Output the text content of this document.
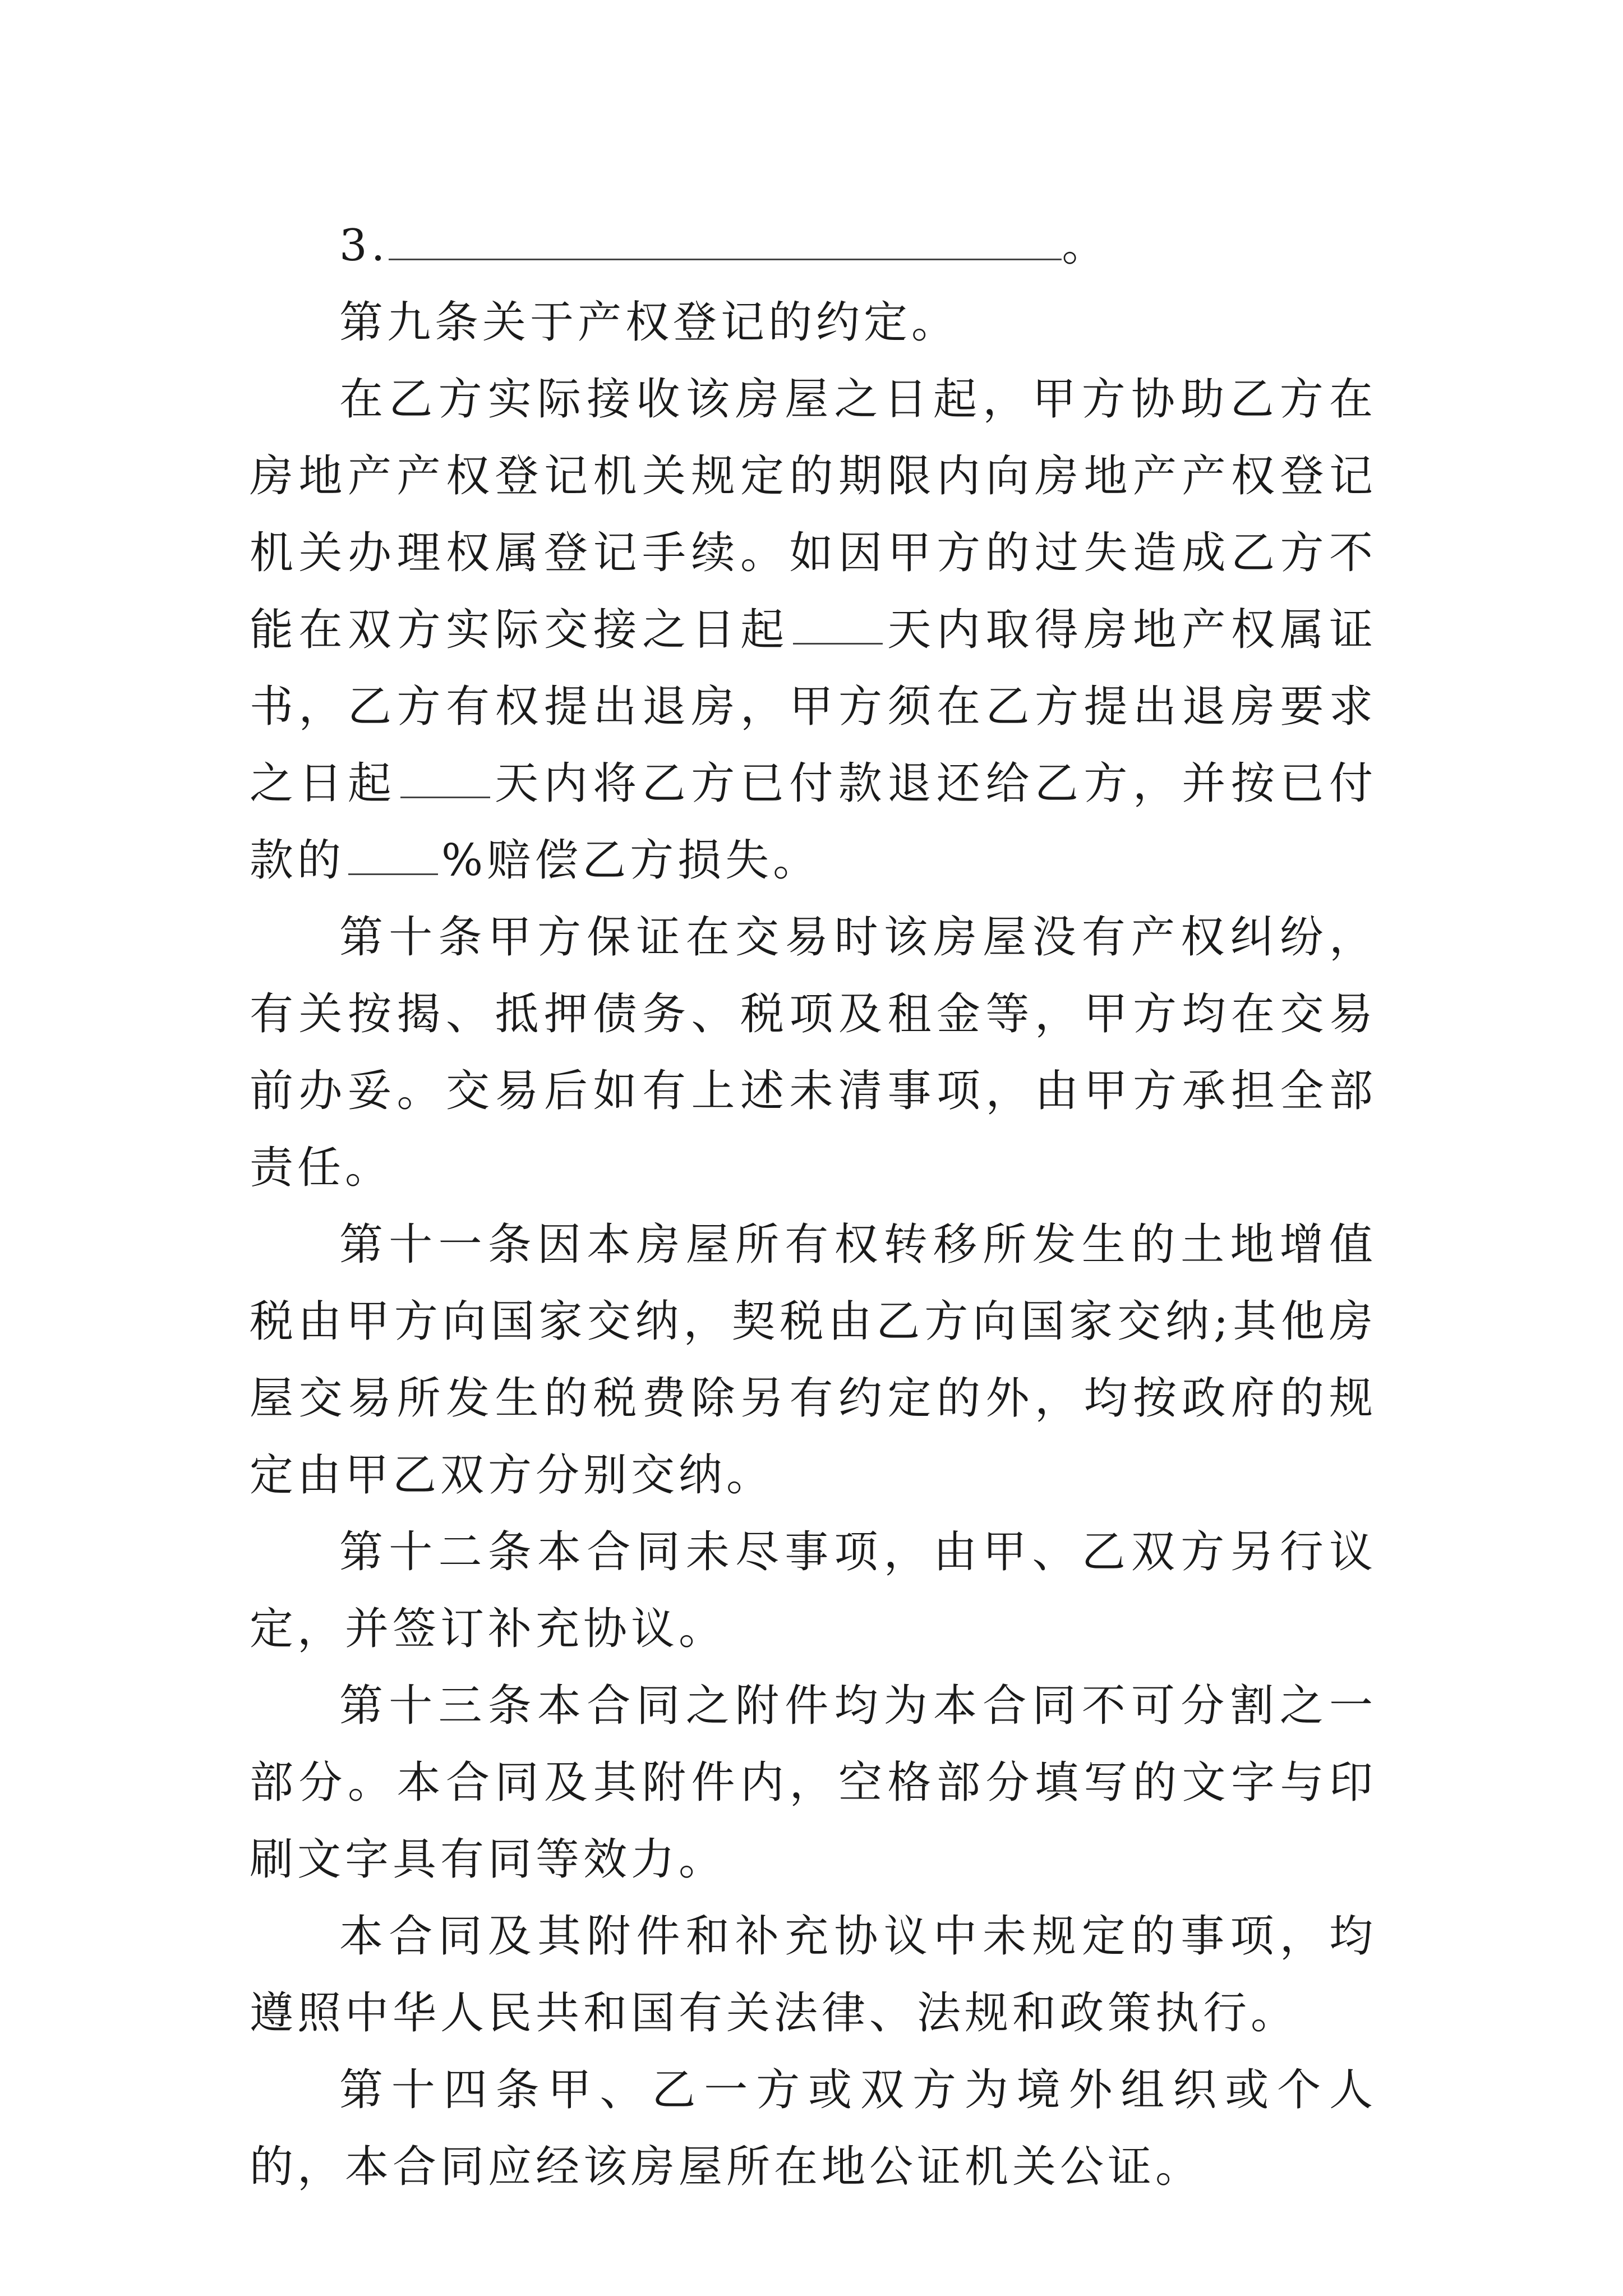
3.	。

第九条关于产权登记的约定。

在乙方实际接收该房屋之日起，甲方协助乙方在房地产产权登记机关规定的期限内向房地产产权登记机关办理权属登记手续。如因甲方的过失造成乙方不能在双方实际交接之日起 天内取得房地产权属证书，乙方有权提出退房，甲方须在乙方提出退房要求之日起 天内将乙方已付款退还给乙方，并按已付款的 %赔偿乙方损失。

第十条甲方保证在交易时该房屋没有产权纠纷，有关按揭、抵押债务、税项及租金等，甲方均在交易前办妥。交易后如有上述未清事项，由甲方承担全部责任。

第十一条因本房屋所有权转移所发生的土地增值税由甲方向国家交纳，契税由乙方向国家交纳;其他房屋交易所发生的税费除另有约定的外，均按政府的规定由甲乙双方分别交纳。

第十二条本合同未尽事项，由甲、乙双方另行议定，并签订补充协议。

第十三条本合同之附件均为本合同不可分割之一部分。本合同及其附件内，空格部分填写的文字与印刷文字具有同等效力。

本合同及其附件和补充协议中未规定的事项，均遵照中华人民共和国有关法律、法规和政策执行。

第十四条甲、乙一方或双方为境外组织或个人的，本合同应经该房屋所在地公证机关公证。
